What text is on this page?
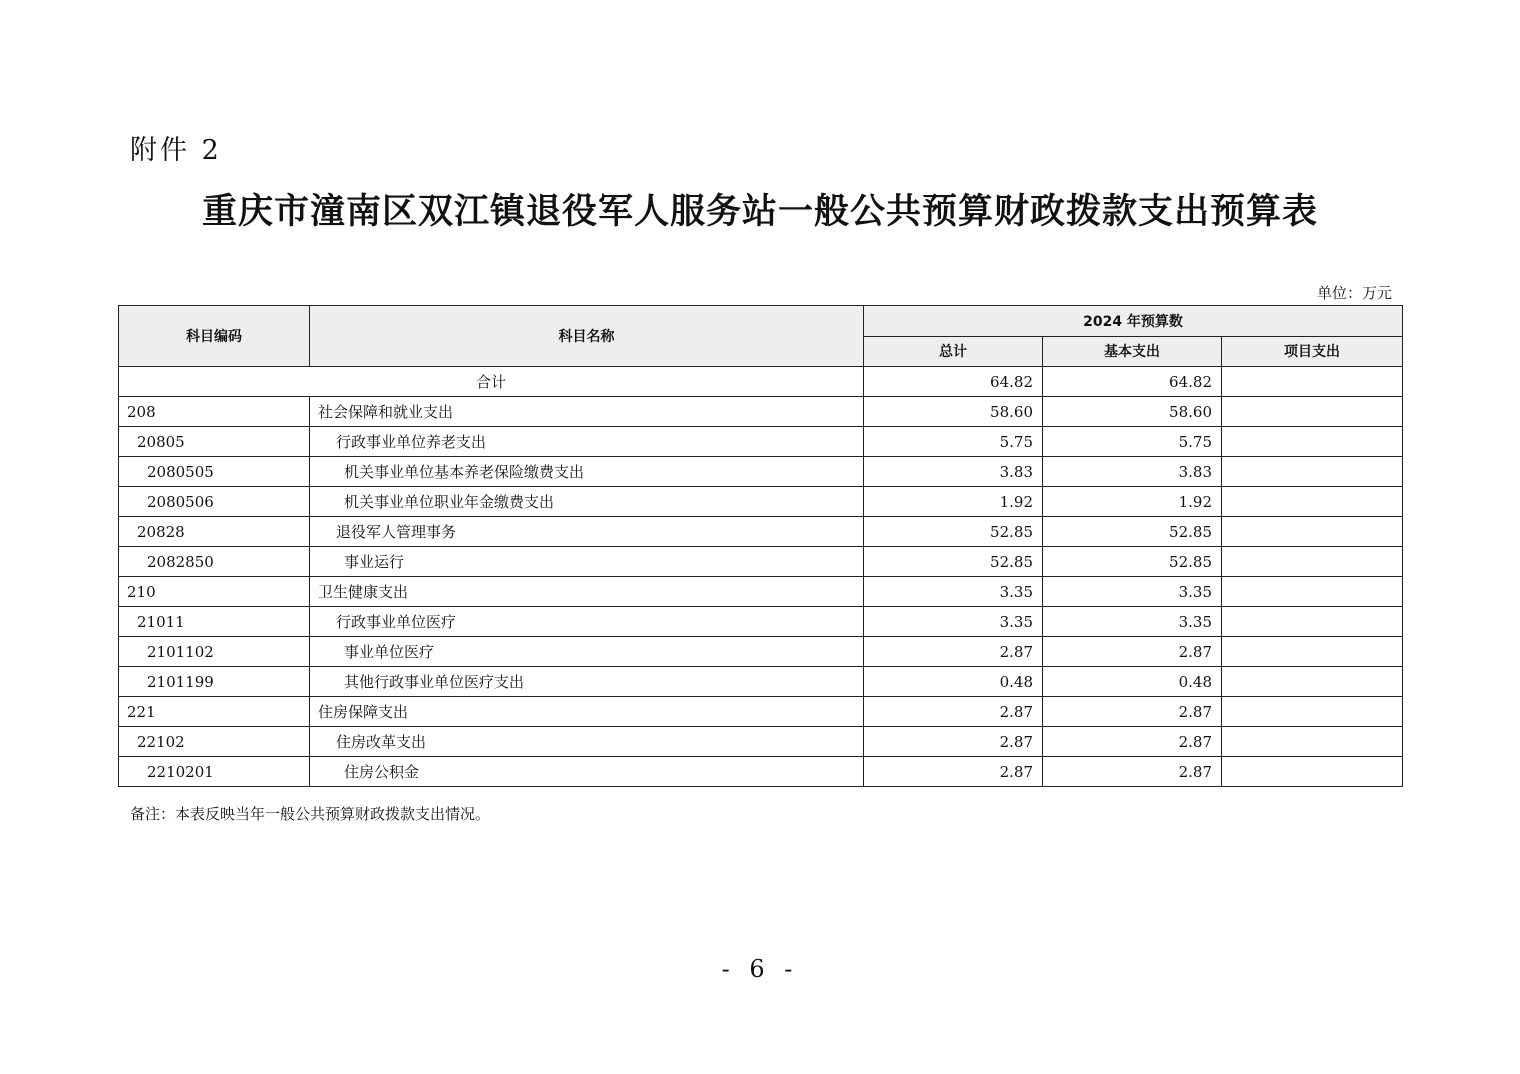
附件 2
重庆市潼南区双江镇退役军人服务站一般公共预算财政拨款支出预算表
单位：万元
科目编码	科目名称	2024 年预算数		
		总计	基本支出	项目支出
合计		64.82	64.82	
208	社会保障和就业支出	58.60	58.60	
20805	行政事业单位养老支出	5.75	5.75	
2080505	机关事业单位基本养老保险缴费支出	3.83	3.83	
2080506	机关事业单位职业年金缴费支出	1.92	1.92	
20828	退役军人管理事务	52.85	52.85	
2082850	事业运行	52.85	52.85	
210	卫生健康支出	3.35	3.35	
21011	行政事业单位医疗	3.35	3.35	
2101102	事业单位医疗	2.87	2.87	
2101199	其他行政事业单位医疗支出	0.48	0.48	
221	住房保障支出	2.87	2.87	
22102	住房改革支出	2.87	2.87	
2210201	住房公积金	2.87	2.87	
备注：本表反映当年一般公共预算财政拨款支出情况。
- 6 -
